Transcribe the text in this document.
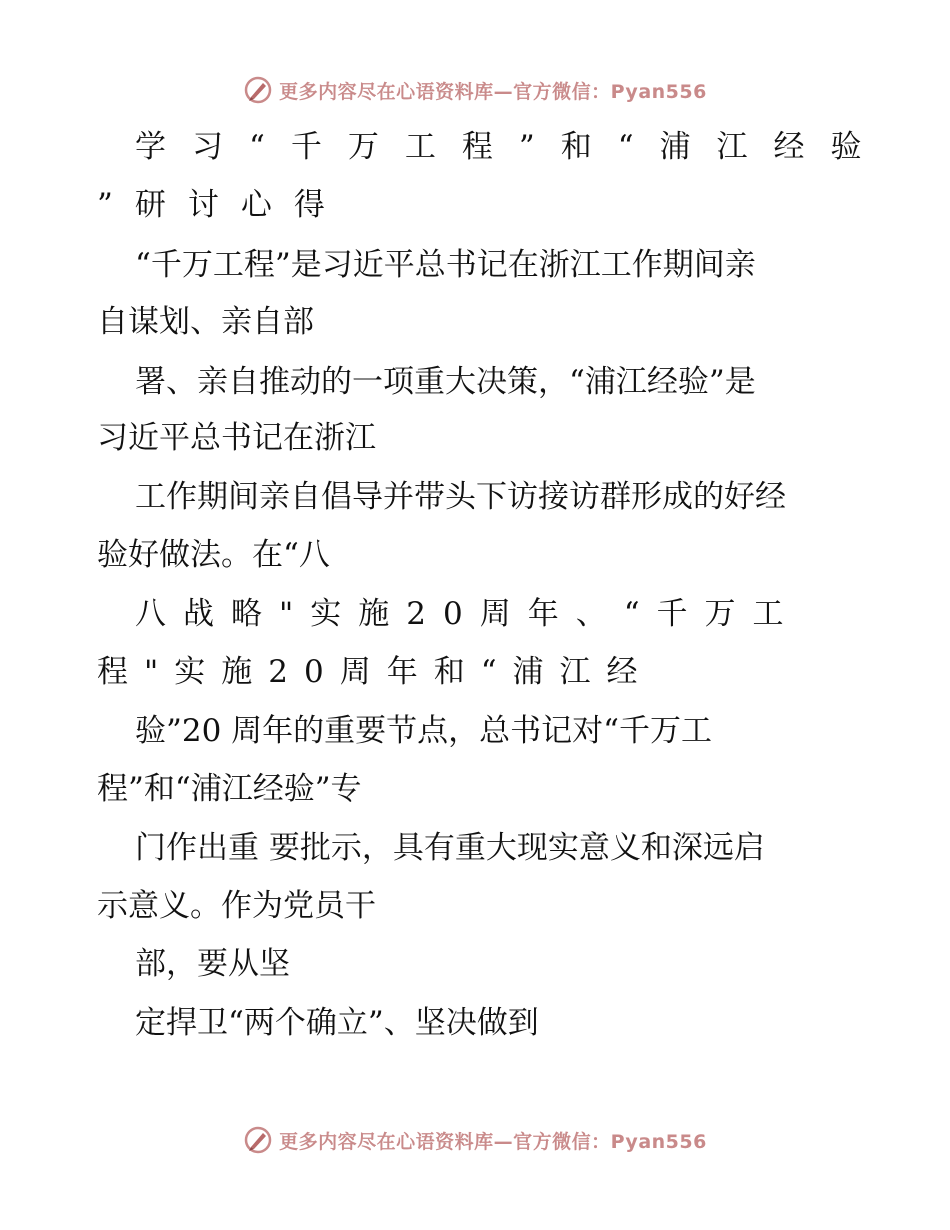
更多内容尽在心语资料库—官方微信：Pyan556
学习“千万工程”和“浦江经验
”研讨心得
“千万工程”是习近平总书记在浙江工作期间亲
自谋划、亲自部
署、亲自推动的一项重大决策，“浦江经验”是
习近平总书记在浙江
工作期间亲自倡导并带头下访接访群形成的好经
验好做法。在“八
八战略"实施20周年、“千万工
程"实施20周年和“浦江经
验”20 周年的重要节点，总书记对“千万工
程”和“浦江经验”专
门作出重 要批示，具有重大现实意义和深远启
示意义。作为党员干
部，要从坚
定捍卫“两个确立”、坚决做到
更多内容尽在心语资料库—官方微信：Pyan556
